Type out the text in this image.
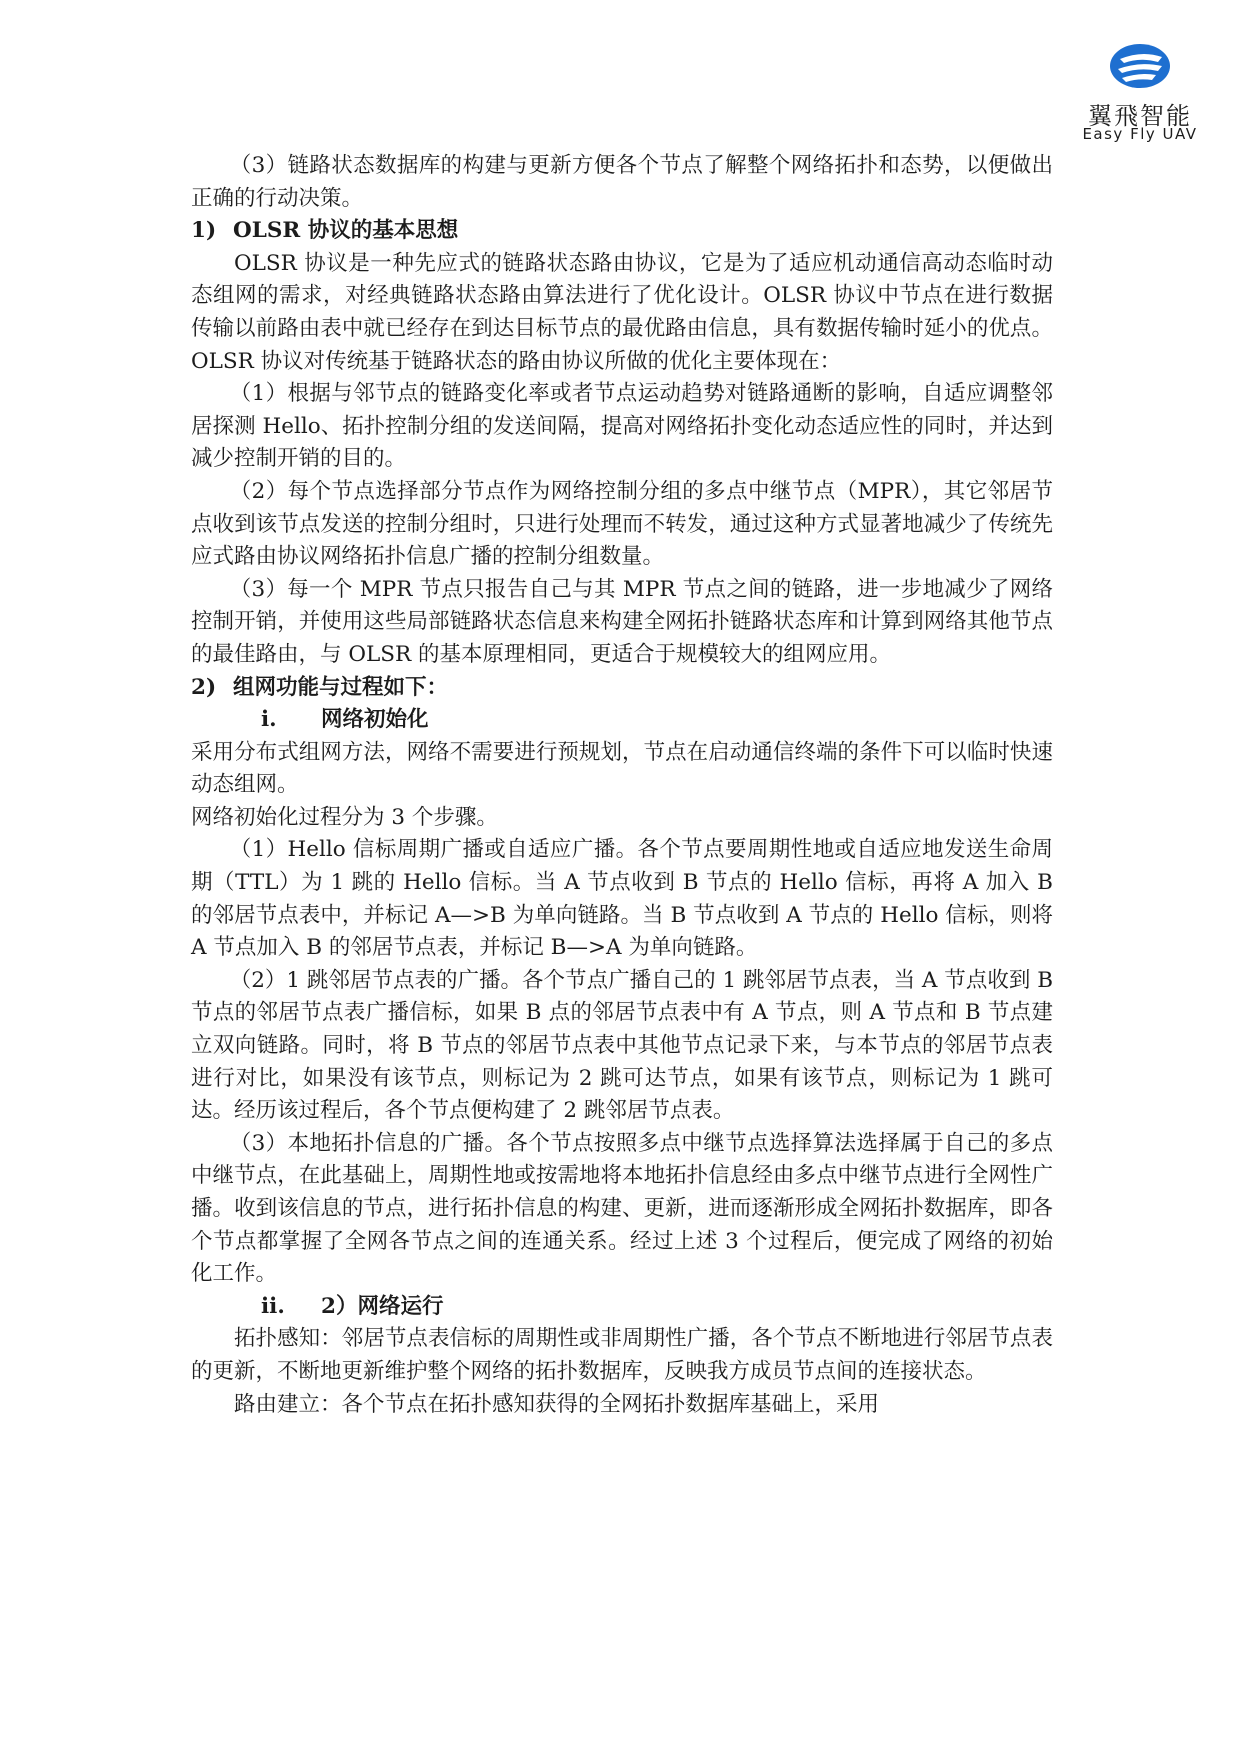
翼飛智能
Easy Fly UAV

（3）链路状态数据库的构建与更新方便各个节点了解整个网络拓扑和态势，以便做出正确的行动决策。

1) OLSR 协议的基本思想

OLSR 协议是一种先应式的链路状态路由协议，它是为了适应机动通信高动态临时动态组网的需求，对经典链路状态路由算法进行了优化设计。OLSR 协议中节点在进行数据传输以前路由表中就已经存在到达目标节点的最优路由信息，具有数据传输时延小的优点。OLSR 协议对传统基于链路状态的路由协议所做的优化主要体现在：

（1）根据与邻节点的链路变化率或者节点运动趋势对链路通断的影响，自适应调整邻居探测 Hello、拓扑控制分组的发送间隔，提高对网络拓扑变化动态适应性的同时，并达到减少控制开销的目的。

（2）每个节点选择部分节点作为网络控制分组的多点中继节点（MPR），其它邻居节点收到该节点发送的控制分组时，只进行处理而不转发，通过这种方式显著地减少了传统先应式路由协议网络拓扑信息广播的控制分组数量。

（3）每一个 MPR 节点只报告自己与其 MPR 节点之间的链路，进一步地减少了网络控制开销，并使用这些局部链路状态信息来构建全网拓扑链路状态库和计算到网络其他节点的最佳路由，与 OLSR 的基本原理相同，更适合于规模较大的组网应用。

2) 组网功能与过程如下：
i.	网络初始化

采用分布式组网方法，网络不需要进行预规划，节点在启动通信终端的条件下可以临时快速动态组网。

网络初始化过程分为 3 个步骤。

（1）Hello 信标周期广播或自适应广播。各个节点要周期性地或自适应地发送生命周期（TTL）为 1 跳的 Hello 信标。当 A 节点收到 B 节点的 Hello 信标，再将 A 加入 B 的邻居节点表中，并标记 A—>B 为单向链路。当 B 节点收到 A 节点的 Hello 信标，则将 A 节点加入 B 的邻居节点表，并标记 B—>A 为单向链路。

（2）1 跳邻居节点表的广播。各个节点广播自己的 1 跳邻居节点表，当 A 节点收到 B 节点的邻居节点表广播信标，如果 B 点的邻居节点表中有 A 节点，则 A 节点和 B 节点建立双向链路。同时，将 B 节点的邻居节点表中其他节点记录下来，与本节点的邻居节点表进行对比，如果没有该节点，则标记为 2 跳可达节点，如果有该节点，则标记为 1 跳可达。经历该过程后，各个节点便构建了 2 跳邻居节点表。

（3）本地拓扑信息的广播。各个节点按照多点中继节点选择算法选择属于自己的多点中继节点，在此基础上，周期性地或按需地将本地拓扑信息经由多点中继节点进行全网性广播。收到该信息的节点，进行拓扑信息的构建、更新，进而逐渐形成全网拓扑数据库，即各个节点都掌握了全网各节点之间的连通关系。经过上述 3 个过程后，便完成了网络的初始化工作。

ii.	2）网络运行

拓扑感知：邻居节点表信标的周期性或非周期性广播，各个节点不断地进行邻居节点表的更新，不断地更新维护整个网络的拓扑数据库，反映我方成员节点间的连接状态。

路由建立：各个节点在拓扑感知获得的全网拓扑数据库基础上，采用
